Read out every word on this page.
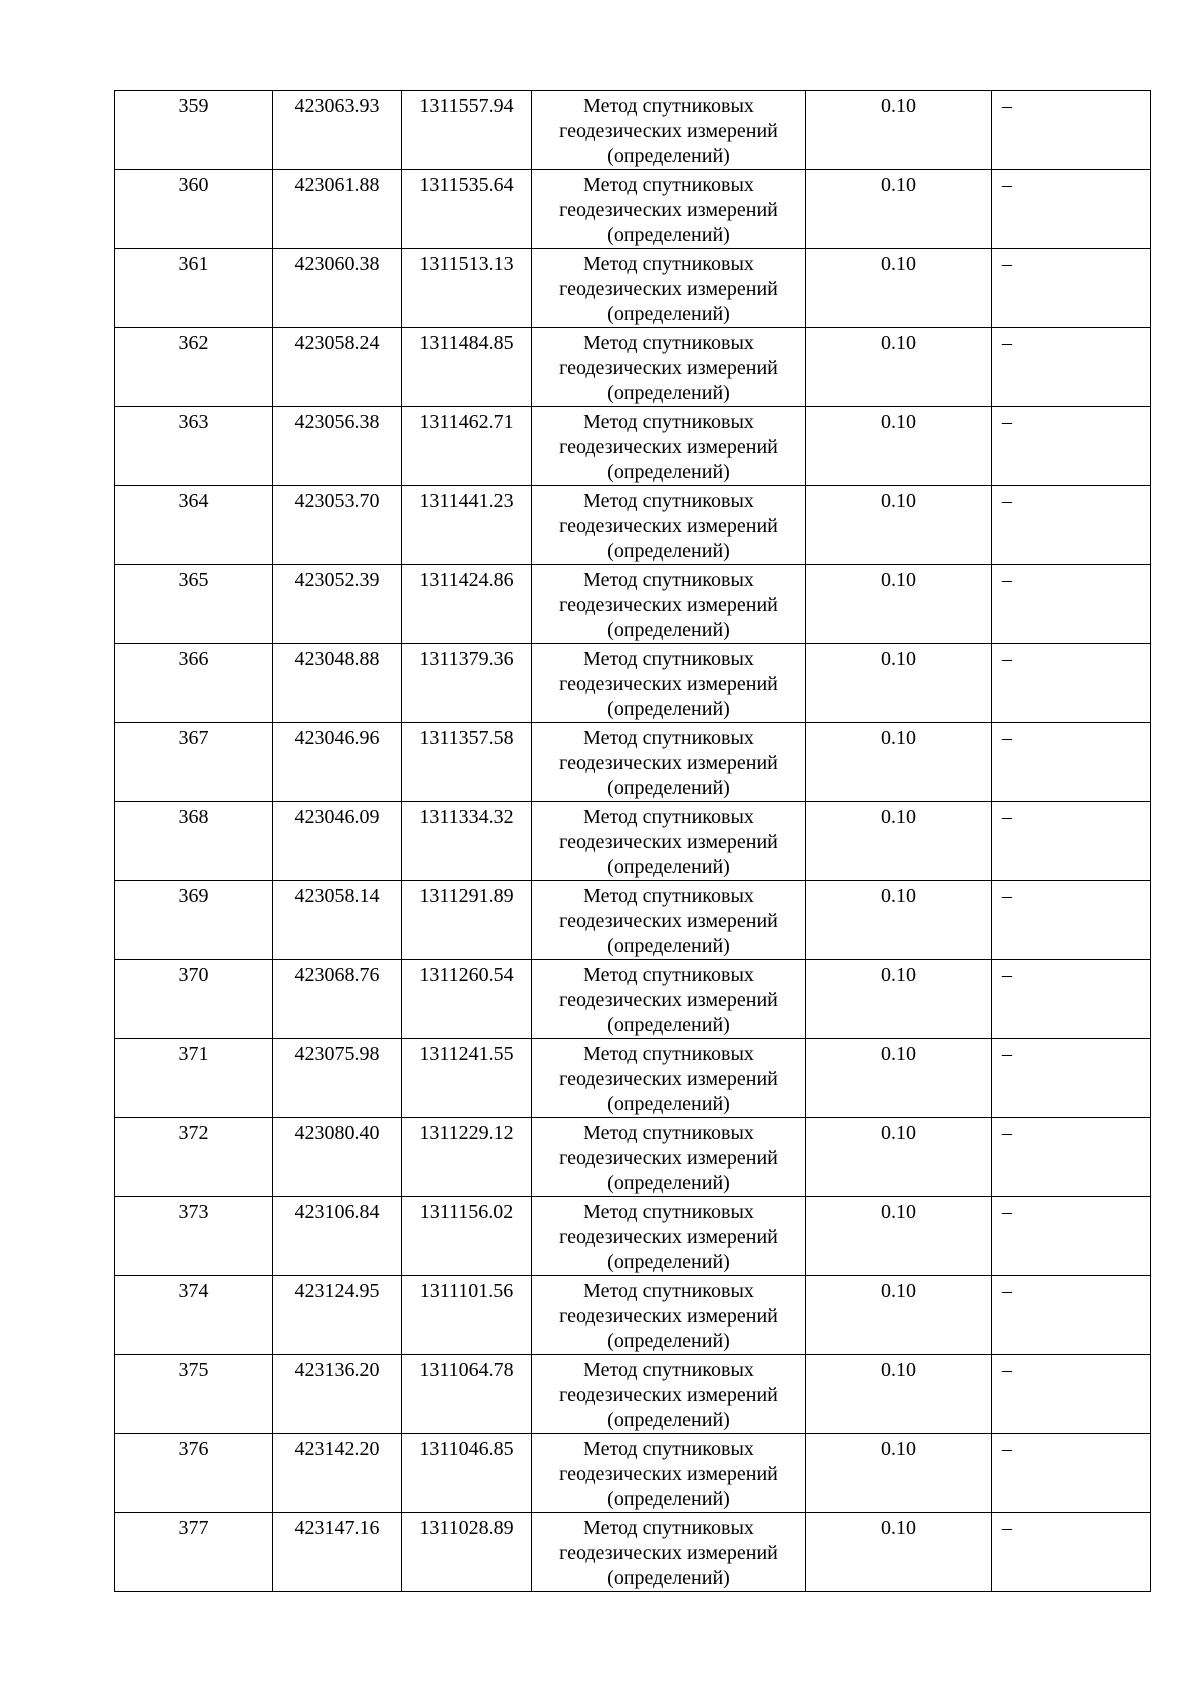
359	423063.93	1311557.94	Метод спутниковых геодезических измерений (определений)	0.10	–
360	423061.88	1311535.64	Метод спутниковых геодезических измерений (определений)	0.10	–
361	423060.38	1311513.13	Метод спутниковых геодезических измерений (определений)	0.10	–
362	423058.24	1311484.85	Метод спутниковых геодезических измерений (определений)	0.10	–
363	423056.38	1311462.71	Метод спутниковых геодезических измерений (определений)	0.10	–
364	423053.70	1311441.23	Метод спутниковых геодезических измерений (определений)	0.10	–
365	423052.39	1311424.86	Метод спутниковых геодезических измерений (определений)	0.10	–
366	423048.88	1311379.36	Метод спутниковых геодезических измерений (определений)	0.10	–
367	423046.96	1311357.58	Метод спутниковых геодезических измерений (определений)	0.10	–
368	423046.09	1311334.32	Метод спутниковых геодезических измерений (определений)	0.10	–
369	423058.14	1311291.89	Метод спутниковых геодезических измерений (определений)	0.10	–
370	423068.76	1311260.54	Метод спутниковых геодезических измерений (определений)	0.10	–
371	423075.98	1311241.55	Метод спутниковых геодезических измерений (определений)	0.10	–
372	423080.40	1311229.12	Метод спутниковых геодезических измерений (определений)	0.10	–
373	423106.84	1311156.02	Метод спутниковых геодезических измерений (определений)	0.10	–
374	423124.95	1311101.56	Метод спутниковых геодезических измерений (определений)	0.10	–
375	423136.20	1311064.78	Метод спутниковых геодезических измерений (определений)	0.10	–
376	423142.20	1311046.85	Метод спутниковых геодезических измерений (определений)	0.10	–
377	423147.16	1311028.89	Метод спутниковых геодезических измерений (определений)	0.10	–
